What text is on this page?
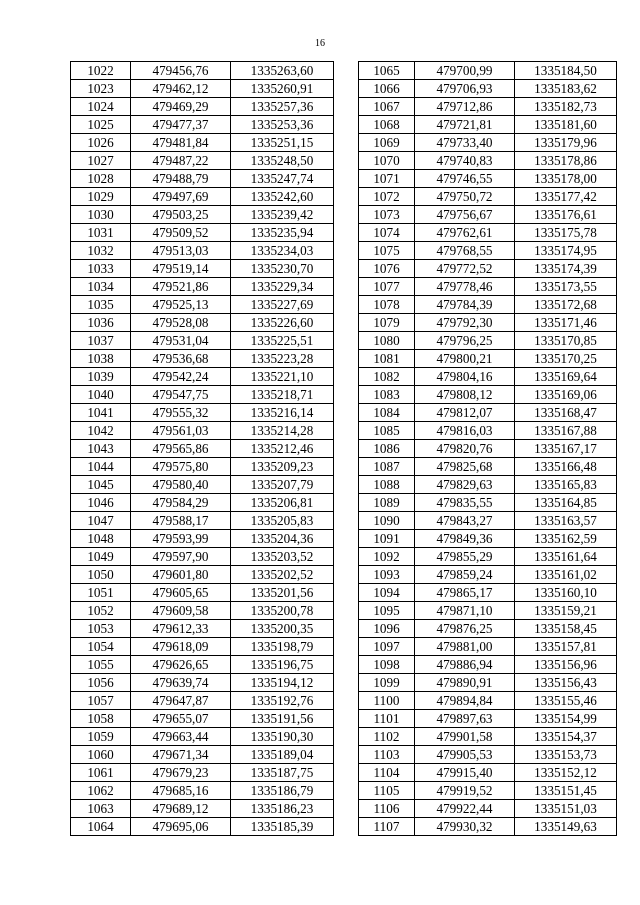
16
1022	479456,76	1335263,60
1023	479462,12	1335260,91
1024	479469,29	1335257,36
1025	479477,37	1335253,36
1026	479481,84	1335251,15
1027	479487,22	1335248,50
1028	479488,79	1335247,74
1029	479497,69	1335242,60
1030	479503,25	1335239,42
1031	479509,52	1335235,94
1032	479513,03	1335234,03
1033	479519,14	1335230,70
1034	479521,86	1335229,34
1035	479525,13	1335227,69
1036	479528,08	1335226,60
1037	479531,04	1335225,51
1038	479536,68	1335223,28
1039	479542,24	1335221,10
1040	479547,75	1335218,71
1041	479555,32	1335216,14
1042	479561,03	1335214,28
1043	479565,86	1335212,46
1044	479575,80	1335209,23
1045	479580,40	1335207,79
1046	479584,29	1335206,81
1047	479588,17	1335205,83
1048	479593,99	1335204,36
1049	479597,90	1335203,52
1050	479601,80	1335202,52
1051	479605,65	1335201,56
1052	479609,58	1335200,78
1053	479612,33	1335200,35
1054	479618,09	1335198,79
1055	479626,65	1335196,75
1056	479639,74	1335194,12
1057	479647,87	1335192,76
1058	479655,07	1335191,56
1059	479663,44	1335190,30
1060	479671,34	1335189,04
1061	479679,23	1335187,75
1062	479685,16	1335186,79
1063	479689,12	1335186,23
1064	479695,06	1335185,39
1065	479700,99	1335184,50
1066	479706,93	1335183,62
1067	479712,86	1335182,73
1068	479721,81	1335181,60
1069	479733,40	1335179,96
1070	479740,83	1335178,86
1071	479746,55	1335178,00
1072	479750,72	1335177,42
1073	479756,67	1335176,61
1074	479762,61	1335175,78
1075	479768,55	1335174,95
1076	479772,52	1335174,39
1077	479778,46	1335173,55
1078	479784,39	1335172,68
1079	479792,30	1335171,46
1080	479796,25	1335170,85
1081	479800,21	1335170,25
1082	479804,16	1335169,64
1083	479808,12	1335169,06
1084	479812,07	1335168,47
1085	479816,03	1335167,88
1086	479820,76	1335167,17
1087	479825,68	1335166,48
1088	479829,63	1335165,83
1089	479835,55	1335164,85
1090	479843,27	1335163,57
1091	479849,36	1335162,59
1092	479855,29	1335161,64
1093	479859,24	1335161,02
1094	479865,17	1335160,10
1095	479871,10	1335159,21
1096	479876,25	1335158,45
1097	479881,00	1335157,81
1098	479886,94	1335156,96
1099	479890,91	1335156,43
1100	479894,84	1335155,46
1101	479897,63	1335154,99
1102	479901,58	1335154,37
1103	479905,53	1335153,73
1104	479915,40	1335152,12
1105	479919,52	1335151,45
1106	479922,44	1335151,03
1107	479930,32	1335149,63
